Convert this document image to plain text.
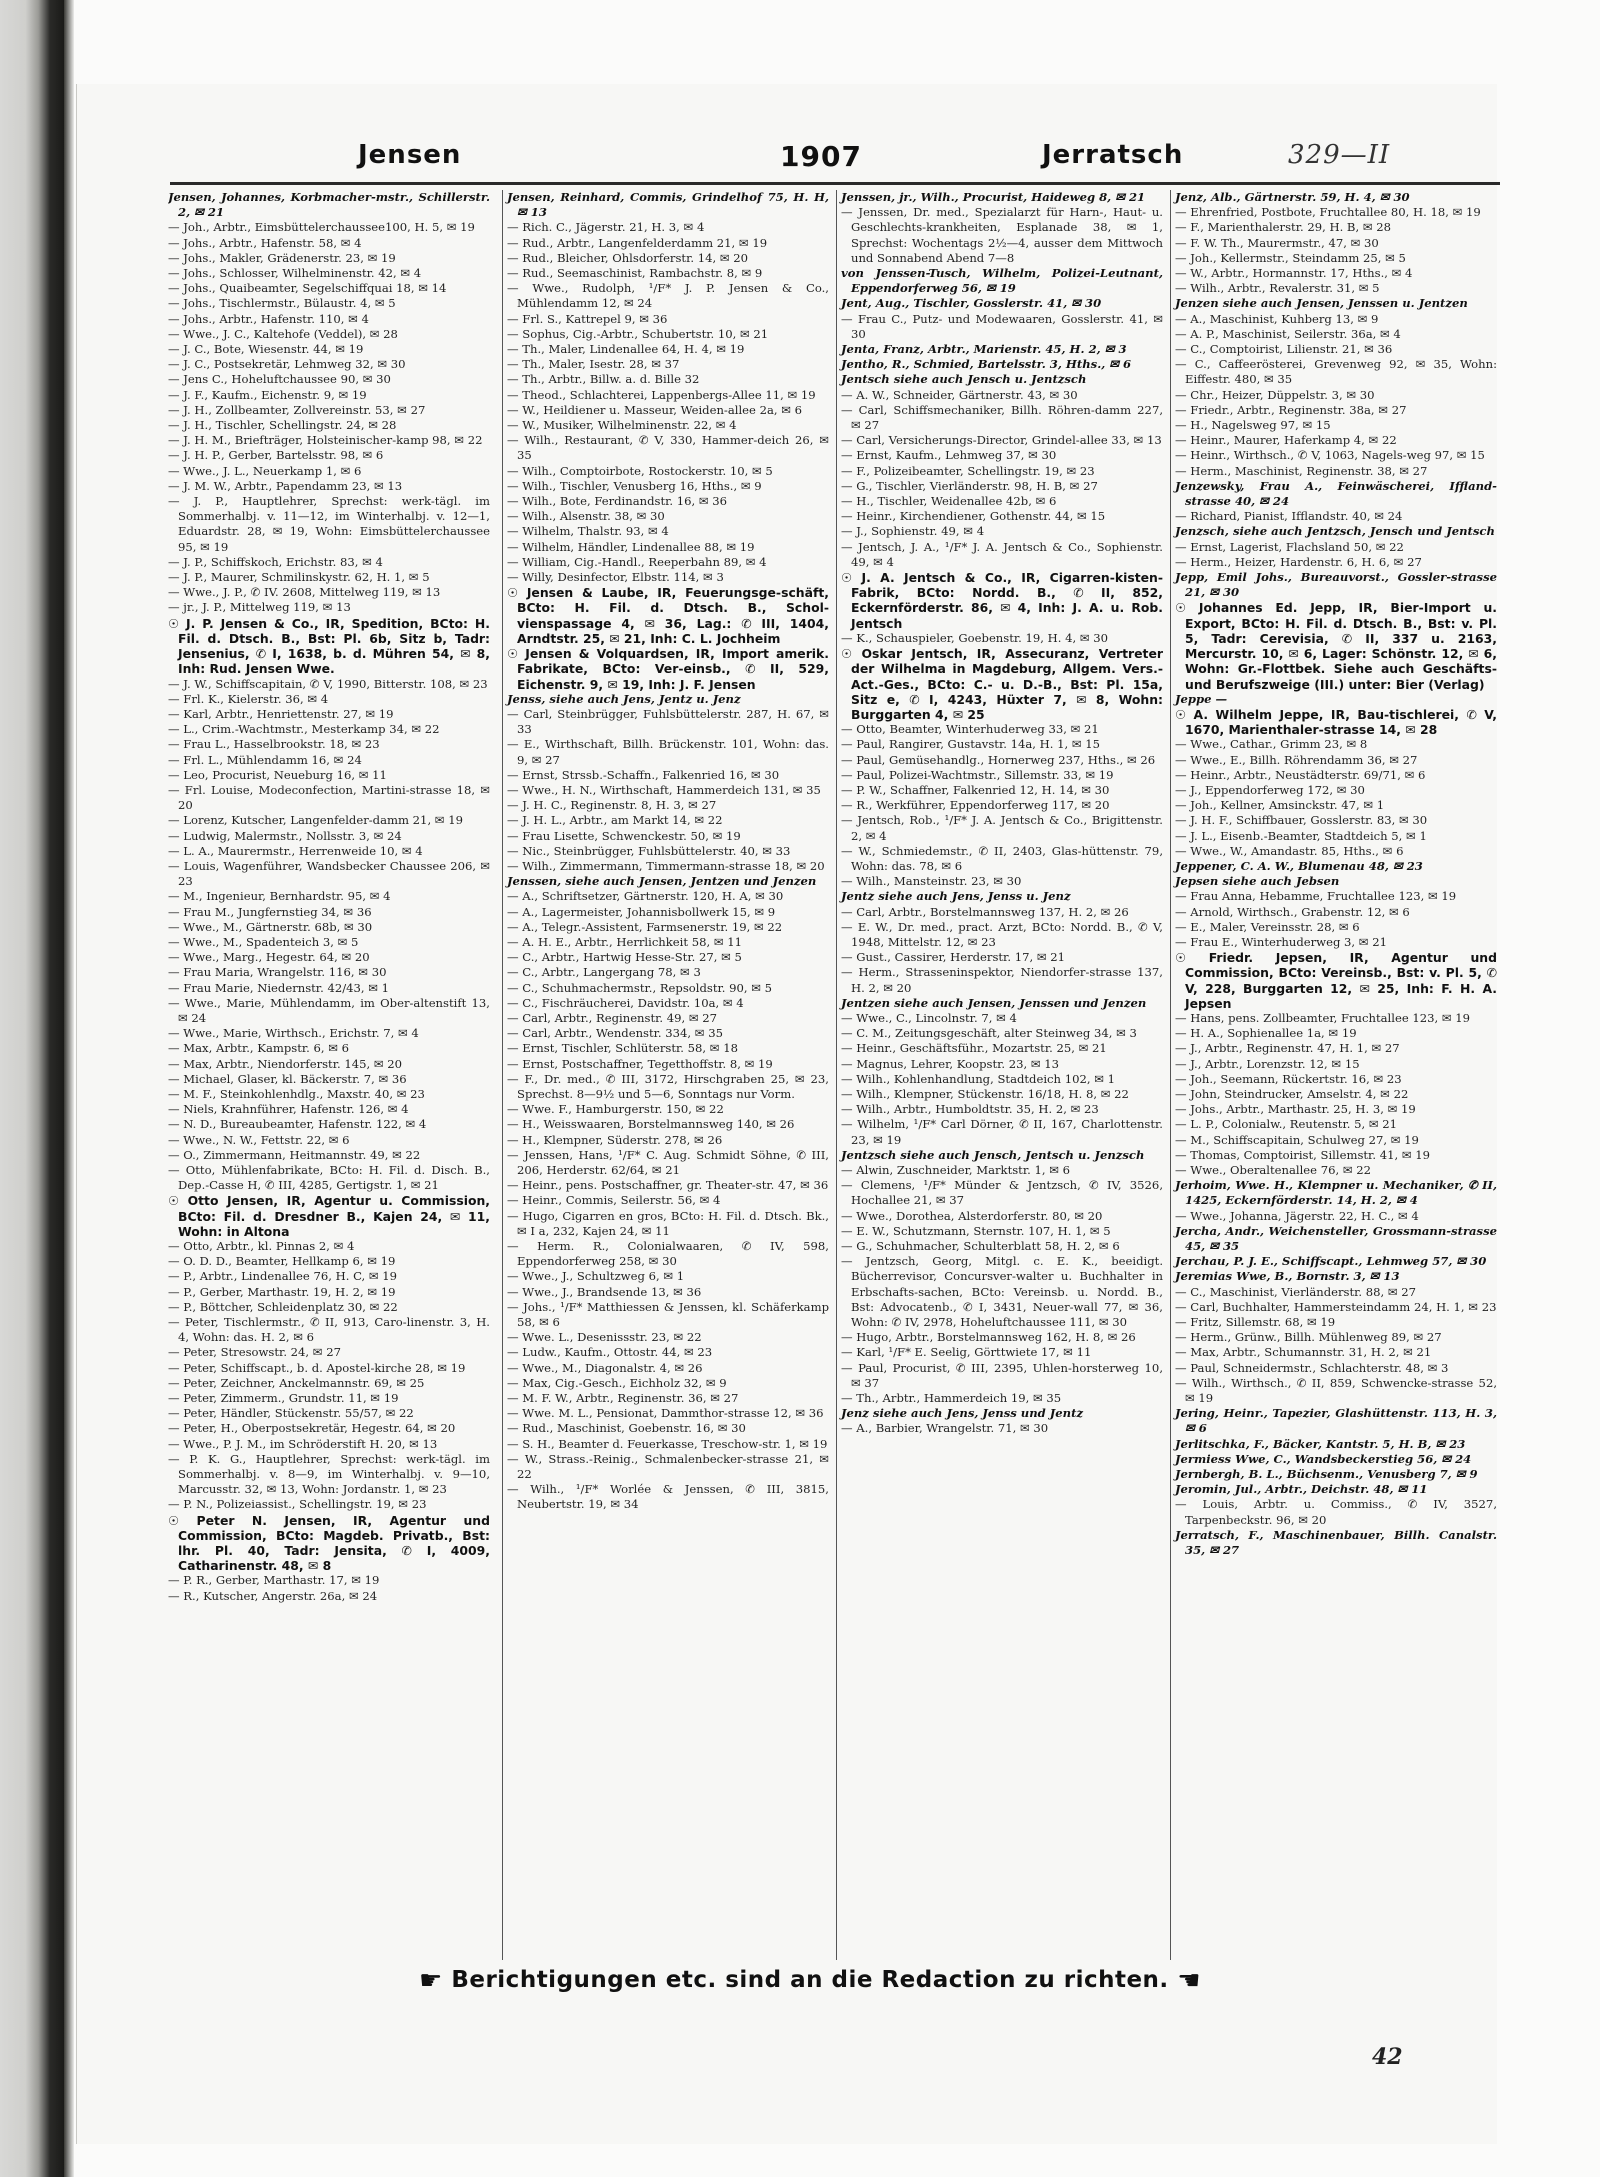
Jensen	1907	Jerratsch	329—II
Jensen, Johannes, Korbmacher-mstr., Schillerstr. 2, ✉ 21
— Joh., Arbtr., Eimsbüttelerchaussee100, H. 5, ✉ 19
— Johs., Arbtr., Hafenstr. 58, ✉ 4
— Johs., Makler, Grädenerstr. 23, ✉ 19
— Johs., Schlosser, Wilhelminenstr. 42, ✉ 4
— Johs., Quaibeamter, Segelschiffquai 18, ✉ 14
— Johs., Tischlermstr., Bülaustr. 4, ✉ 5
— Johs., Arbtr., Hafenstr. 110, ✉ 4
— Wwe., J. C., Kaltehofe (Veddel), ✉ 28
— J. C., Bote, Wiesenstr. 44, ✉ 19
— J. C., Postsekretär, Lehmweg 32, ✉ 30
— Jens C., Hoheluftchaussee 90, ✉ 30
— J. F., Kaufm., Eichenstr. 9, ✉ 19
— J. H., Zollbeamter, Zollvereinstr. 53, ✉ 27
— J. H., Tischler, Schellingstr. 24, ✉ 28
— J. H. M., Briefträger, Holsteinischer-kamp 98, ✉ 22
— J. H. P., Gerber, Bartelsstr. 98, ✉ 6
— Wwe., J. L., Neuerkamp 1, ✉ 6
— J. M. W., Arbtr., Papendamm 23, ✉ 13
— J. P., Hauptlehrer, Sprechst: werk-tägl. im Sommerhalbj. v. 11—12, im Winterhalbj. v. 12—1, Eduardstr. 28, ✉ 19, Wohn: Eimsbüttelerchaussee 95, ✉ 19
— J. P., Schiffskoch, Erichstr. 83, ✉ 4
— J. P., Maurer, Schmilinskystr. 62, H. 1, ✉ 5
— Wwe., J. P., ✆ IV. 2608, Mittelweg 119, ✉ 13
— jr., J. P., Mittelweg 119, ✉ 13
☉ J. P. Jensen & Co., IR, Spedition, BCto: H. Fil. d. Dtsch. B., Bst: Pl. 6b, Sitz b, Tadr: Jensenius, ✆ I, 1638, b. d. Mühren 54, ✉ 8, Inh: Rud. Jensen Wwe.
— J. W., Schiffscapitain, ✆ V, 1990, Bitterstr. 108, ✉ 23
— Frl. K., Kielerstr. 36, ✉ 4
— Karl, Arbtr., Henriettenstr. 27, ✉ 19
— L., Crim.-Wachtmstr., Mesterkamp 34, ✉ 22
— Frau L., Hasselbrookstr. 18, ✉ 23
— Frl. L., Mühlendamm 16, ✉ 24
— Leo, Procurist, Neueburg 16, ✉ 11
— Frl. Louise, Modeconfection, Martini-strasse 18, ✉ 20
— Lorenz, Kutscher, Langenfelder-damm 21, ✉ 19
— Ludwig, Malermstr., Nollsstr. 3, ✉ 24
— L. A., Maurermstr., Herrenweide 10, ✉ 4
— Louis, Wagenführer, Wandsbecker Chaussee 206, ✉ 23
— M., Ingenieur, Bernhardstr. 95, ✉ 4
— Frau M., Jungfernstieg 34, ✉ 36
— Wwe., M., Gärtnerstr. 68b, ✉ 30
— Wwe., M., Spadenteich 3, ✉ 5
— Wwe., Marg., Hegestr. 64, ✉ 20
— Frau Maria, Wrangelstr. 116, ✉ 30
— Frau Marie, Niedernstr. 42/43, ✉ 1
— Wwe., Marie, Mühlendamm, im Ober-altenstift 13, ✉ 24
— Wwe., Marie, Wirthsch., Erichstr. 7, ✉ 4
— Max, Arbtr., Kampstr. 6, ✉ 6
— Max, Arbtr., Niendorferstr. 145, ✉ 20
— Michael, Glaser, kl. Bäckerstr. 7, ✉ 36
— M. F., Steinkohlenhdlg., Maxstr. 40, ✉ 23
— Niels, Krahnführer, Hafenstr. 126, ✉ 4
— N. D., Bureaubeamter, Hafenstr. 122, ✉ 4
— Wwe., N. W., Fettstr. 22, ✉ 6
— O., Zimmermann, Heitmannstr. 49, ✉ 22
— Otto, Mühlenfabrikate, BCto: H. Fil. d. Disch. B., Dep.-Casse H, ✆ III, 4285, Gertigstr. 1, ✉ 21
☉ Otto Jensen, IR, Agentur u. Commission, BCto: Fil. d. Dresdner B., Kajen 24, ✉ 11, Wohn: in Altona
— Otto, Arbtr., kl. Pinnas 2, ✉ 4
— O. D. D., Beamter, Hellkamp 6, ✉ 19
— P., Arbtr., Lindenallee 76, H. C, ✉ 19
— P., Gerber, Marthastr. 19, H. 2, ✉ 19
— P., Böttcher, Schleidenplatz 30, ✉ 22
— Peter, Tischlermstr., ✆ II, 913, Caro-linenstr. 3, H. 4, Wohn: das. H. 2, ✉ 6
— Peter, Stresowstr. 24, ✉ 27
— Peter, Schiffscapt., b. d. Apostel-kirche 28, ✉ 19
— Peter, Zeichner, Anckelmannstr. 69, ✉ 25
— Peter, Zimmerm., Grundstr. 11, ✉ 19
— Peter, Händler, Stückenstr. 55/57, ✉ 22
— Peter, H., Oberpostsekretär, Hegestr. 64, ✉ 20
— Wwe., P. J. M., im Schröderstift H. 20, ✉ 13
— P. K. G., Hauptlehrer, Sprechst: werk-tägl. im Sommerhalbj. v. 8—9, im Winterhalbj. v. 9—10, Marcusstr. 32, ✉ 13, Wohn: Jordanstr. 1, ✉ 23
— P. N., Polizeiassist., Schellingstr. 19, ✉ 23
☉ Peter N. Jensen, IR, Agentur und Commission, BCto: Magdeb. Privatb., Bst: lhr. Pl. 40, Tadr: Jensita, ✆ I, 4009, Catharinenstr. 48, ✉ 8
— P. R., Gerber, Marthastr. 17, ✉ 19
— R., Kutscher, Angerstr. 26a, ✉ 24
Jensen, Reinhard, Commis, Grindelhof 75, H. H, ✉ 13
— Rich. C., Jägerstr. 21, H. 3, ✉ 4
— Rud., Arbtr., Langenfelderdamm 21, ✉ 19
— Rud., Bleicher, Ohlsdorferstr. 14, ✉ 20
— Rud., Seemaschinist, Rambachstr. 8, ✉ 9
— Wwe., Rudolph, ¹/F* J. P. Jensen & Co., Mühlendamm 12, ✉ 24
— Frl. S., Kattrepel 9, ✉ 36
— Sophus, Cig.-Arbtr., Schubertstr. 10, ✉ 21
— Th., Maler, Lindenallee 64, H. 4, ✉ 19
— Th., Maler, Isestr. 28, ✉ 37
— Th., Arbtr., Billw. a. d. Bille 32
— Theod., Schlachterei, Lappenbergs-Allee 11, ✉ 19
— W., Heildiener u. Masseur, Weiden-allee 2a, ✉ 6
— W., Musiker, Wilhelminenstr. 22, ✉ 4
— Wilh., Restaurant, ✆ V, 330, Hammer-deich 26, ✉ 35
— Wilh., Comptoirbote, Rostockerstr. 10, ✉ 5
— Wilh., Tischler, Venusberg 16, Hths., ✉ 9
— Wilh., Bote, Ferdinandstr. 16, ✉ 36
— Wilh., Alsenstr. 38, ✉ 30
— Wilhelm, Thalstr. 93, ✉ 4
— Wilhelm, Händler, Lindenallee 88, ✉ 19
— William, Cig.-Handl., Reeperbahn 89, ✉ 4
— Willy, Desinfector, Elbstr. 114, ✉ 3
☉ Jensen & Laube, IR, Feuerungsge-schäft, BCto: H. Fil. d. Dtsch. B., Schol-vienspassage 4, ✉ 36, Lag.: ✆ III, 1404, Arndtstr. 25, ✉ 21, Inh: C. L. Jochheim
☉ Jensen & Volquardsen, IR, Import amerik. Fabrikate, BCto: Ver-einsb., ✆ II, 529, Eichenstr. 9, ✉ 19, Inh: J. F. Jensen
Jenss, siehe auch Jens, Jentz u. Jenz
— Carl, Steinbrügger, Fuhlsbüttelerstr. 287, H. 67, ✉ 33
— E., Wirthschaft, Billh. Brückenstr. 101, Wohn: das. 9, ✉ 27
— Ernst, Strssb.-Schaffn., Falkenried 16, ✉ 30
— Wwe., H. N., Wirthschaft, Hammerdeich 131, ✉ 35
— J. H. C., Reginenstr. 8, H. 3, ✉ 27
— J. H. L., Arbtr., am Markt 14, ✉ 22
— Frau Lisette, Schwenckestr. 50, ✉ 19
— Nic., Steinbrügger, Fuhlsbüttelerstr. 40, ✉ 33
— Wilh., Zimmermann, Timmermann-strasse 18, ✉ 20
Jenssen, siehe auch Jensen, Jentzen und Jenzen
— A., Schriftsetzer, Gärtnerstr. 120, H. A, ✉ 30
— A., Lagermeister, Johannisbollwerk 15, ✉ 9
— A., Telegr.-Assistent, Farmsenerstr. 19, ✉ 22
— A. H. E., Arbtr., Herrlichkeit 58, ✉ 11
— C., Arbtr., Hartwig Hesse-Str. 27, ✉ 5
— C., Arbtr., Langergang 78, ✉ 3
— C., Schuhmachermstr., Repsoldstr. 90, ✉ 5
— C., Fischräucherei, Davidstr. 10a, ✉ 4
— Carl, Arbtr., Reginenstr. 49, ✉ 27
— Carl, Arbtr., Wendenstr. 334, ✉ 35
— Ernst, Tischler, Schlüterstr. 58, ✉ 18
— Ernst, Postschaffner, Tegetthoffstr. 8, ✉ 19
— F., Dr. med., ✆ III, 3172, Hirschgraben 25, ✉ 23, Sprechst. 8—9½ und 5—6, Sonntags nur Vorm.
— Wwe. F., Hamburgerstr. 150, ✉ 22
— H., Weisswaaren, Borstelmannsweg 140, ✉ 26
— H., Klempner, Süderstr. 278, ✉ 26
— Jenssen, Hans, ¹/F* C. Aug. Schmidt Söhne, ✆ III, 206, Herderstr. 62/64, ✉ 21
— Heinr., pens. Postschaffner, gr. Theater-str. 47, ✉ 36
— Heinr., Commis, Seilerstr. 56, ✉ 4
— Hugo, Cigarren en gros, BCto: H. Fil. d. Dtsch. Bk., ✉ I a, 232, Kajen 24, ✉ 11
— Herm. R., Colonialwaaren, ✆ IV, 598, Eppendorferweg 258, ✉ 30
— Wwe., J., Schultzweg 6, ✉ 1
— Wwe., J., Brandsende 13, ✉ 36
— Johs., ¹/F* Matthiessen & Jenssen, kl. Schäferkamp 58, ✉ 6
— Wwe. L., Desenissstr. 23, ✉ 22
— Ludw., Kaufm., Ottostr. 44, ✉ 23
— Wwe., M., Diagonalstr. 4, ✉ 26
— Max, Cig.-Gesch., Eichholz 32, ✉ 9
— M. F. W., Arbtr., Reginenstr. 36, ✉ 27
— Wwe. M. L., Pensionat, Dammthor-strasse 12, ✉ 36
— Rud., Maschinist, Goebenstr. 16, ✉ 30
— S. H., Beamter d. Feuerkasse, Treschow-str. 1, ✉ 19
— W., Strass.-Reinig., Schmalenbecker-strasse 21, ✉ 22
— Wilh., ¹/F* Worlée & Jenssen, ✆ III, 3815, Neubertstr. 19, ✉ 34
Jenssen, jr., Wilh., Procurist, Haideweg 8, ✉ 21
— Jenssen, Dr. med., Spezialarzt für Harn-, Haut- u. Geschlechts-krankheiten, Esplanade 38, ✉ 1, Sprechst: Wochentags 2½—4, ausser dem Mittwoch und Sonnabend Abend 7—8
von Jenssen-Tusch, Wilhelm, Polizei-Leutnant, Eppendorferweg 56, ✉ 19
Jent, Aug., Tischler, Gosslerstr. 41, ✉ 30
— Frau C., Putz- und Modewaaren, Gosslerstr. 41, ✉ 30
Jenta, Franz, Arbtr., Marienstr. 45, H. 2, ✉ 3
Jentho, R., Schmied, Bartelsstr. 3, Hths., ✉ 6
Jentsch siehe auch Jensch u. Jentzsch
— A. W., Schneider, Gärtnerstr. 43, ✉ 30
— Carl, Schiffsmechaniker, Billh. Röhren-damm 227, ✉ 27
— Carl, Versicherungs-Director, Grindel-allee 33, ✉ 13
— Ernst, Kaufm., Lehmweg 37, ✉ 30
— F., Polizeibeamter, Schellingstr. 19, ✉ 23
— G., Tischler, Vierländerstr. 98, H. B, ✉ 27
— H., Tischler, Weidenallee 42b, ✉ 6
— Heinr., Kirchendiener, Gothenstr. 44, ✉ 15
— J., Sophienstr. 49, ✉ 4
— Jentsch, J. A., ¹/F* J. A. Jentsch & Co., Sophienstr. 49, ✉ 4
☉ J. A. Jentsch & Co., IR, Cigarren-kisten-Fabrik, BCto: Nordd. B., ✆ II, 852, Eckernförderstr. 86, ✉ 4, Inh: J. A. u. Rob. Jentsch
— K., Schauspieler, Goebenstr. 19, H. 4, ✉ 30
☉ Oskar Jentsch, IR, Assecuranz, Vertreter der Wilhelma in Magdeburg, Allgem. Vers.-Act.-Ges., BCto: C.- u. D.-B., Bst: Pl. 15a, Sitz e, ✆ I, 4243, Hüxter 7, ✉ 8, Wohn: Burggarten 4, ✉ 25
— Otto, Beamter, Winterhuderweg 33, ✉ 21
— Paul, Rangirer, Gustavstr. 14a, H. 1, ✉ 15
— Paul, Gemüsehandlg., Hornerweg 237, Hths., ✉ 26
— Paul, Polizei-Wachtmstr., Sillemstr. 33, ✉ 19
— P. W., Schaffner, Falkenried 12, H. 14, ✉ 30
— R., Werkführer, Eppendorferweg 117, ✉ 20
— Jentsch, Rob., ¹/F* J. A. Jentsch & Co., Brigittenstr. 2, ✉ 4
— W., Schmiedemstr., ✆ II, 2403, Glas-hüttenstr. 79, Wohn: das. 78, ✉ 6
— Wilh., Mansteinstr. 23, ✉ 30
Jentz siehe auch Jens, Jenss u. Jenz
— Carl, Arbtr., Borstelmannsweg 137, H. 2, ✉ 26
— E. W., Dr. med., pract. Arzt, BCto: Nordd. B., ✆ V, 1948, Mittelstr. 12, ✉ 23
— Gust., Cassirer, Herderstr. 17, ✉ 21
— Herm., Strasseninspektor, Niendorfer-strasse 137, H. 2, ✉ 20
Jentzen siehe auch Jensen, Jenssen und Jenzen
— Wwe., C., Lincolnstr. 7, ✉ 4
— C. M., Zeitungsgeschäft, alter Steinweg 34, ✉ 3
— Heinr., Geschäftsführ., Mozartstr. 25, ✉ 21
— Magnus, Lehrer, Koopstr. 23, ✉ 13
— Wilh., Kohlenhandlung, Stadtdeich 102, ✉ 1
— Wilh., Klempner, Stückenstr. 16/18, H. 8, ✉ 22
— Wilh., Arbtr., Humboldtstr. 35, H. 2, ✉ 23
— Wilhelm, ¹/F* Carl Dörner, ✆ II, 167, Charlottenstr. 23, ✉ 19
Jentzsch siehe auch Jensch, Jentsch u. Jenzsch
— Alwin, Zuschneider, Marktstr. 1, ✉ 6
— Clemens, ¹/F* Münder & Jentzsch, ✆ IV, 3526, Hochallee 21, ✉ 37
— Wwe., Dorothea, Alsterdorferstr. 80, ✉ 20
— E. W., Schutzmann, Sternstr. 107, H. 1, ✉ 5
— G., Schuhmacher, Schulterblatt 58, H. 2, ✉ 6
— Jentzsch, Georg, Mitgl. c. E. K., beeidigt. Bücherrevisor, Concursver-walter u. Buchhalter in Erbschafts-sachen, BCto: Vereinsb. u. Nordd. B., Bst: Advocatenb., ✆ I, 3431, Neuer-wall 77, ✉ 36, Wohn: ✆ IV, 2978, Hoheluftchaussee 111, ✉ 30
— Hugo, Arbtr., Borstelmannsweg 162, H. 8, ✉ 26
— Karl, ¹/F* E. Seelig, Görttwiete 17, ✉ 11
— Paul, Procurist, ✆ III, 2395, Uhlen-horsterweg 10, ✉ 37
— Th., Arbtr., Hammerdeich 19, ✉ 35
Jenz siehe auch Jens, Jenss und Jentz
— A., Barbier, Wrangelstr. 71, ✉ 30
Jenz, Alb., Gärtnerstr. 59, H. 4, ✉ 30
— Ehrenfried, Postbote, Fruchtallee 80, H. 18, ✉ 19
— F., Marienthalerstr. 29, H. B, ✉ 28
— F. W. Th., Maurermstr., 47, ✉ 30
— Joh., Kellermstr., Steindamm 25, ✉ 5
— W., Arbtr., Hormannstr. 17, Hths., ✉ 4
— Wilh., Arbtr., Revalerstr. 31, ✉ 5
Jenzen siehe auch Jensen, Jenssen u. Jentzen
— A., Maschinist, Kuhberg 13, ✉ 9
— A. P., Maschinist, Seilerstr. 36a, ✉ 4
— C., Comptoirist, Lilienstr. 21, ✉ 36
— C., Caffeerösterei, Grevenweg 92, ✉ 35, Wohn: Eiffestr. 480, ✉ 35
— Chr., Heizer, Düppelstr. 3, ✉ 30
— Friedr., Arbtr., Reginenstr. 38a, ✉ 27
— H., Nagelsweg 97, ✉ 15
— Heinr., Maurer, Haferkamp 4, ✉ 22
— Heinr., Wirthsch., ✆ V, 1063, Nagels-weg 97, ✉ 15
— Herm., Maschinist, Reginenstr. 38, ✉ 27
Jenzewsky, Frau A., Feinwäscherei, Iffland-strasse 40, ✉ 24
— Richard, Pianist, Ifflandstr. 40, ✉ 24
Jenzsch, siehe auch Jentzsch, Jensch und Jentsch
— Ernst, Lagerist, Flachsland 50, ✉ 22
— Herm., Heizer, Hardenstr. 6, H. 6, ✉ 27
Jepp, Emil Johs., Bureauvorst., Gossler-strasse 21, ✉ 30
☉ Johannes Ed. Jepp, IR, Bier-Import u. Export, BCto: H. Fil. d. Dtsch. B., Bst: v. Pl. 5, Tadr: Cerevisia, ✆ II, 337 u. 2163, Mercurstr. 10, ✉ 6, Lager: Schönstr. 12, ✉ 6, Wohn: Gr.-Flottbek. Siehe auch Geschäfts- und Berufszweige (III.) unter: Bier (Verlag)
Jeppe —
☉ A. Wilhelm Jeppe, IR, Bau-tischlerei, ✆ V, 1670, Marienthaler-strasse 14, ✉ 28
— Wwe., Cathar., Grimm 23, ✉ 8
— Wwe., E., Billh. Röhrendamm 36, ✉ 27
— Heinr., Arbtr., Neustädterstr. 69/71, ✉ 6
— J., Eppendorferweg 172, ✉ 30
— Joh., Kellner, Amsinckstr. 47, ✉ 1
— J. H. F., Schiffbauer, Gosslerstr. 83, ✉ 30
— J. L., Eisenb.-Beamter, Stadtdeich 5, ✉ 1
— Wwe., W., Amandastr. 85, Hths., ✉ 6
Jeppener, C. A. W., Blumenau 48, ✉ 23
Jepsen siehe auch Jebsen
— Frau Anna, Hebamme, Fruchtallee 123, ✉ 19
— Arnold, Wirthsch., Grabenstr. 12, ✉ 6
— E., Maler, Vereinsstr. 28, ✉ 6
— Frau E., Winterhuderweg 3, ✉ 21
☉ Friedr. Jepsen, IR, Agentur und Commission, BCto: Vereinsb., Bst: v. Pl. 5, ✆ V, 228, Burggarten 12, ✉ 25, Inh: F. H. A. Jepsen
— Hans, pens. Zollbeamter, Fruchtallee 123, ✉ 19
— H. A., Sophienallee 1a, ✉ 19
— J., Arbtr., Reginenstr. 47, H. 1, ✉ 27
— J., Arbtr., Lorenzstr. 12, ✉ 15
— Joh., Seemann, Rückertstr. 16, ✉ 23
— John, Steindrucker, Amselstr. 4, ✉ 22
— Johs., Arbtr., Marthastr. 25, H. 3, ✉ 19
— L. P., Colonialw., Reutenstr. 5, ✉ 21
— M., Schiffscapitain, Schulweg 27, ✉ 19
— Thomas, Comptoirist, Sillemstr. 41, ✉ 19
— Wwe., Oberaltenallee 76, ✉ 22
Jerhoim, Wwe. H., Klempner u. Mechaniker, ✆ II, 1425, Eckernförderstr. 14, H. 2, ✉ 4
— Wwe., Johanna, Jägerstr. 22, H. C., ✉ 4
Jercha, Andr., Weichensteller, Grossmann-strasse 45, ✉ 35
Jerchau, P. J. E., Schiffscapt., Lehmweg 57, ✉ 30
Jeremias Wwe, B., Bornstr. 3, ✉ 13
— C., Maschinist, Vierländerstr. 88, ✉ 27
— Carl, Buchhalter, Hammersteindamm 24, H. 1, ✉ 23
— Fritz, Sillemstr. 68, ✉ 19
— Herm., Grünw., Billh. Mühlenweg 89, ✉ 27
— Max, Arbtr., Schumannstr. 31, H. 2, ✉ 21
— Paul, Schneidermstr., Schlachterstr. 48, ✉ 3
— Wilh., Wirthsch., ✆ II, 859, Schwencke-strasse 52, ✉ 19
Jering, Heinr., Tapezier, Glashüttenstr. 113, H. 3, ✉ 6
Jerlitschka, F., Bäcker, Kantstr. 5, H. B, ✉ 23
Jermiess Wwe, C., Wandsbeckerstieg 56, ✉ 24
Jernbergh, B. L., Büchsenm., Venusberg 7, ✉ 9
Jeromin, Jul., Arbtr., Deichstr. 48, ✉ 11
— Louis, Arbtr. u. Commiss., ✆ IV, 3527, Tarpenbeckstr. 96, ✉ 20
Jerratsch, F., Maschinenbauer, Billh. Canalstr. 35, ✉ 27
☛ Berichtigungen etc. sind an die Redaction zu richten. ☚
42
